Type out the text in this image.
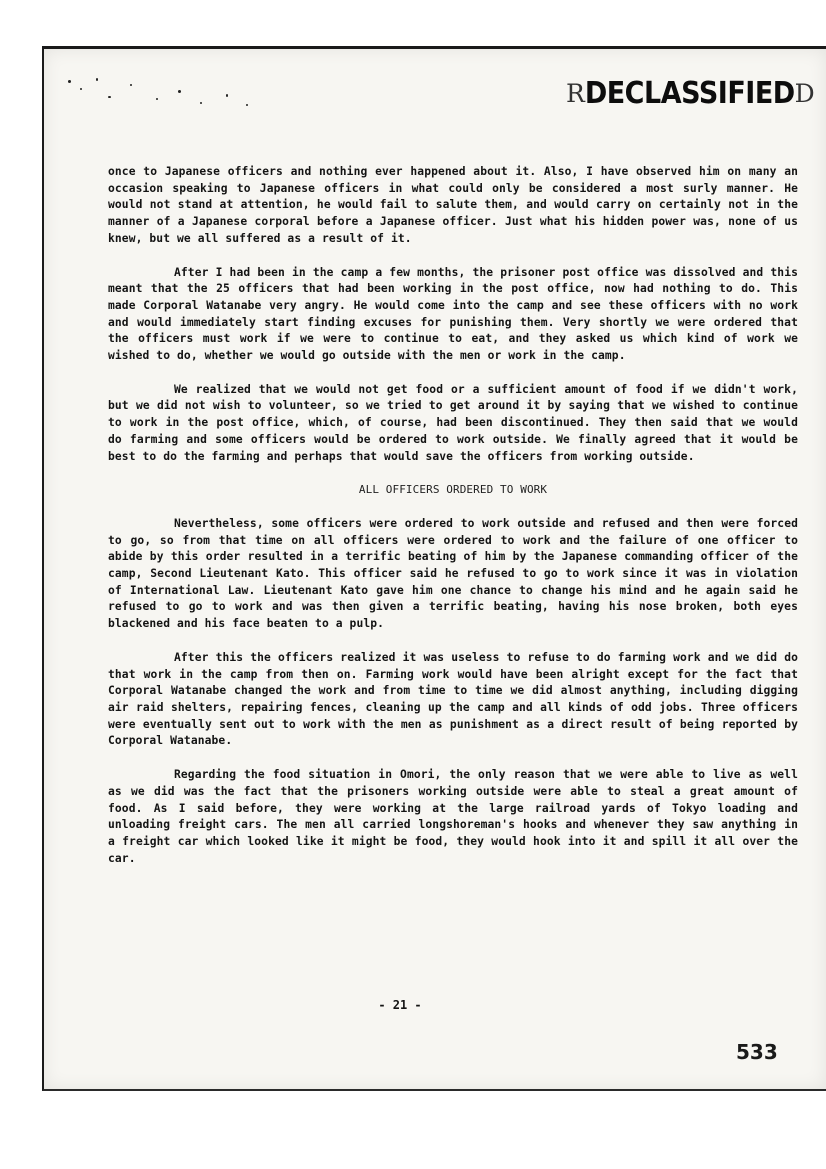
RDECLASSIFIEDD

once to Japanese officers and nothing ever happened about it. Also, I have observed him on many an occasion speaking to Japanese officers in what could only be considered a most surly manner. He would not stand at attention, he would fail to salute them, and would carry on certainly not in the manner of a Japanese corporal before a Japanese officer. Just what his hidden power was, none of us knew, but we all suffered as a result of it.

After I had been in the camp a few months, the prisoner post office was dissolved and this meant that the 25 officers that had been working in the post office, now had nothing to do. This made Corporal Watanabe very angry. He would come into the camp and see these officers with no work and would immediately start finding excuses for punishing them. Very shortly we were ordered that the officers must work if we were to continue to eat, and they asked us which kind of work we wished to do, whether we would go outside with the men or work in the camp.

We realized that we would not get food or a sufficient amount of food if we didn't work, but we did not wish to volunteer, so we tried to get around it by saying that we wished to continue to work in the post office, which, of course, had been discontinued. They then said that we would do farming and some officers would be ordered to work outside. We finally agreed that it would be best to do the farming and perhaps that would save the officers from working outside.

ALL OFFICERS ORDERED TO WORK

Nevertheless, some officers were ordered to work outside and refused and then were forced to go, so from that time on all officers were ordered to work and the failure of one officer to abide by this order resulted in a terrific beating of him by the Japanese commanding officer of the camp, Second Lieutenant Kato. This officer said he refused to go to work since it was in violation of International Law. Lieutenant Kato gave him one chance to change his mind and he again said he refused to go to work and was then given a terrific beating, having his nose broken, both eyes blackened and his face beaten to a pulp.

After this the officers realized it was useless to refuse to do farming work and we did do that work in the camp from then on. Farming work would have been alright except for the fact that Corporal Watanabe changed the work and from time to time we did almost anything, including digging air raid shelters, repairing fences, cleaning up the camp and all kinds of odd jobs. Three officers were eventually sent out to work with the men as punishment as a direct result of being reported by Corporal Watanabe.

Regarding the food situation in Omori, the only reason that we were able to live as well as we did was the fact that the prisoners working outside were able to steal a great amount of food. As I said before, they were working at the large railroad yards of Tokyo loading and unloading freight cars. The men all carried longshoreman's hooks and whenever they saw anything in a freight car which looked like it might be food, they would hook into it and spill it all over the car.

- 21 -
533
